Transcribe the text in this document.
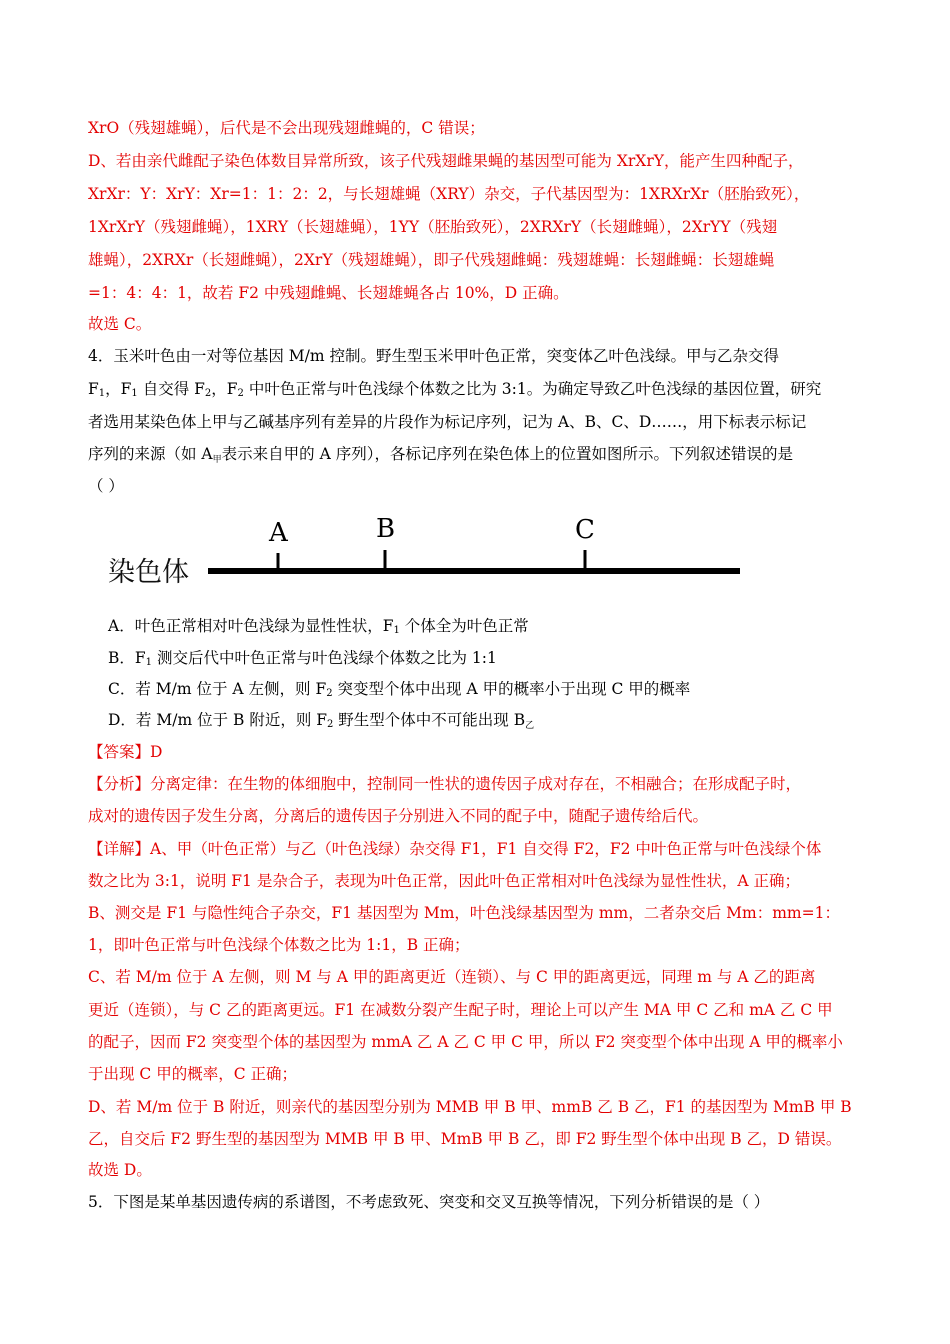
XrO（残翅雄蝇），后代是不会出现残翅雌蝇的，C 错误；
D、若由亲代雌配子染色体数目异常所致，该子代残翅雌果蝇的基因型可能为 XrXrY，能产生四种配子，
XrXr：Y：XrY：Xr=1：1：2：2，与长翅雄蝇（XRY）杂交，子代基因型为：1XRXrXr（胚胎致死），
1XrXrY（残翅雌蝇），1XRY（长翅雄蝇），1YY（胚胎致死），2XRXrY（长翅雌蝇），2XrYY（残翅
雄蝇），2XRXr（长翅雌蝇），2XrY（残翅雄蝇），即子代残翅雌蝇：残翅雄蝇：长翅雌蝇：长翅雄蝇
=1：4：4：1，故若 F2 中残翅雌蝇、长翅雄蝇各占 10%，D 正确。
故选 C。
4．玉米叶色由一对等位基因 M/m 控制。野生型玉米甲叶色正常，突变体乙叶色浅绿。甲与乙杂交得
$F_1$，$F_1$ 自交得 $F_2$，$F_2$ 中叶色正常与叶色浅绿个体数之比为 3:1。为确定导致乙叶色浅绿的基因位置，研究
者选用某染色体上甲与乙碱基序列有差异的片段作为标记序列，记为 A、B、C、D……，用下标表示标记
序列的来源（如 $A_甲$表示来自甲的 A 序列），各标记序列在染色体上的位置如图所示。下列叙述错误的是
（ ）
染色体
A	B	C
A．叶色正常相对叶色浅绿为显性性状，$F_1$ 个体全为叶色正常
B．$F_1$ 测交后代中叶色正常与叶色浅绿个体数之比为 1:1
C．若 M/m 位于 A 左侧，则 $F_2$ 突变型个体中出现 A 甲的概率小于出现 C 甲的概率
D．若 M/m 位于 B 附近，则 $F_2$ 野生型个体中不可能出现 $B_乙$
【答案】D
【分析】分离定律：在生物的体细胞中，控制同一性状的遗传因子成对存在，不相融合；在形成配子时，
成对的遗传因子发生分离，分离后的遗传因子分别进入不同的配子中，随配子遗传给后代。
【详解】A、甲（叶色正常）与乙（叶色浅绿）杂交得 F1，F1 自交得 F2，F2 中叶色正常与叶色浅绿个体
数之比为 3:1，说明 F1 是杂合子，表现为叶色正常，因此叶色正常相对叶色浅绿为显性性状，A 正确；
B、测交是 F1 与隐性纯合子杂交，F1 基因型为 Mm，叶色浅绿基因型为 mm，二者杂交后 Mm：mm=1：
1，即叶色正常与叶色浅绿个体数之比为 1:1，B 正确；
C、若 M/m 位于 A 左侧，则 M 与 A 甲的距离更近（连锁）、与 C 甲的距离更远，同理 m 与 A 乙的距离
更近（连锁），与 C 乙的距离更远。F1 在减数分裂产生配子时，理论上可以产生 MA 甲 C 乙和 mA 乙 C 甲
的配子，因而 F2 突变型个体的基因型为 mmA 乙 A 乙 C 甲 C 甲，所以 F2 突变型个体中出现 A 甲的概率小
于出现 C 甲的概率，C 正确；
D、若 M/m 位于 B 附近，则亲代的基因型分别为 MMB 甲 B 甲、mmB 乙 B 乙，F1 的基因型为 MmB 甲 B
乙，自交后 F2 野生型的基因型为 MMB 甲 B 甲、MmB 甲 B 乙，即 F2 野生型个体中出现 B 乙，D 错误。
故选 D。
5．下图是某单基因遗传病的系谱图，不考虑致死、突变和交叉互换等情况，下列分析错误的是（ ）
